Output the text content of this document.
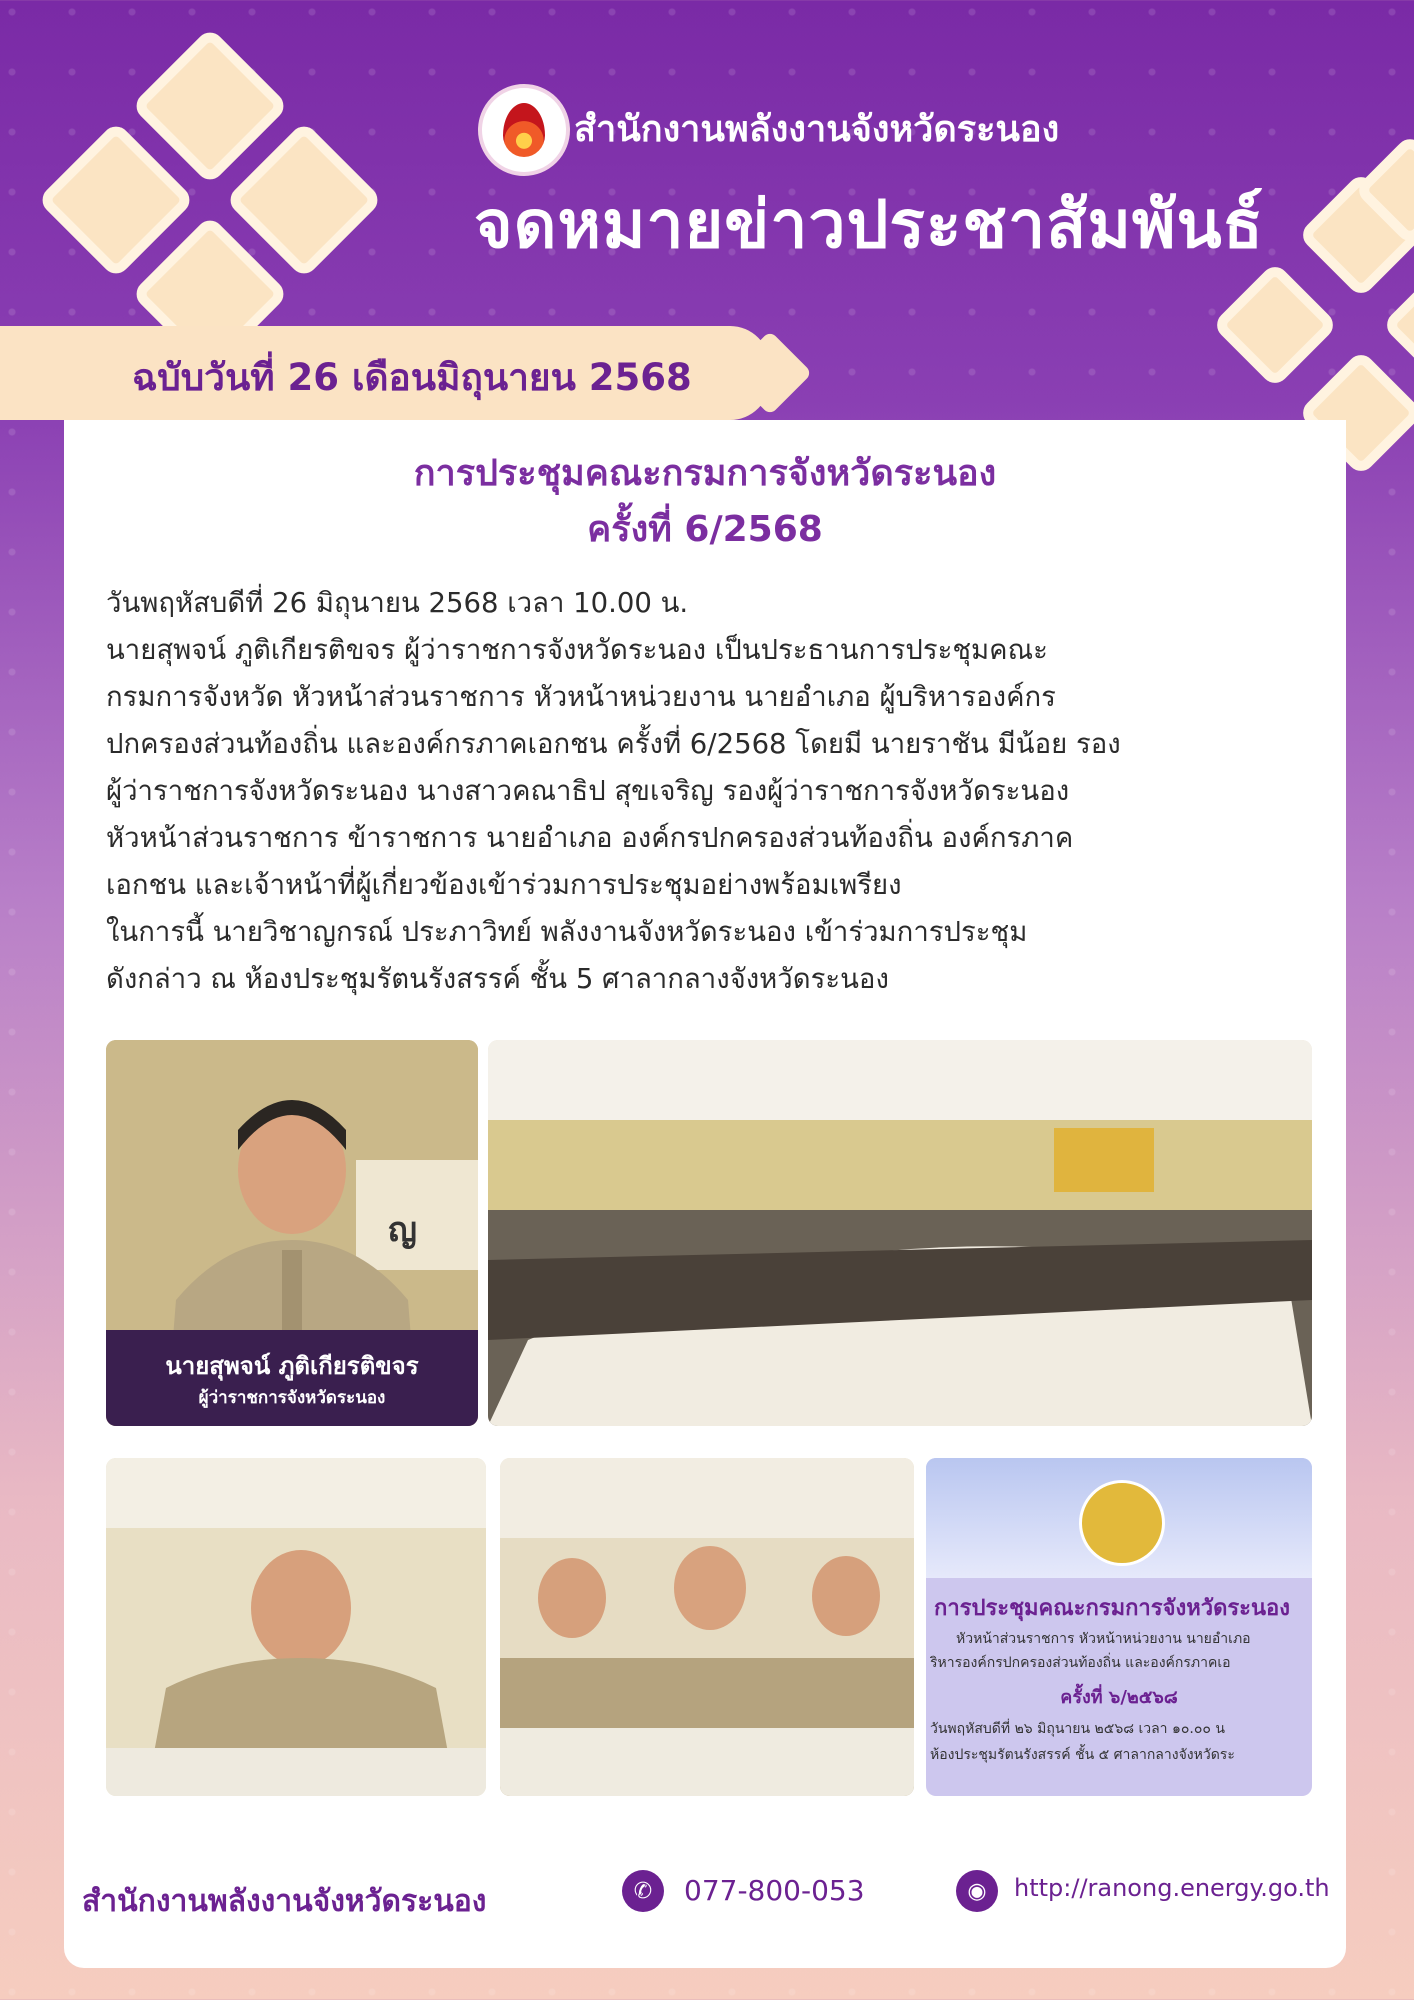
สำนักงานพลังงานจังหวัดระนอง
จดหมายข่าวประชาสัมพันธ์
ฉบับวันที่ 26 เดือนมิถุนายน 2568
การประชุมคณะกรมการจังหวัดระนอง
ครั้งที่ 6/2568
วันพฤหัสบดีที่ 26 มิถุนายน 2568 เวลา 10.00 น.
นายสุพจน์ ภูติเกียรติขจร ผู้ว่าราชการจังหวัดระนอง เป็นประธานการประชุมคณะ
กรมการจังหวัด หัวหน้าส่วนราชการ หัวหน้าหน่วยงาน นายอำเภอ ผู้บริหารองค์กร
ปกครองส่วนท้องถิ่น และองค์กรภาคเอกชน ครั้งที่ 6/2568 โดยมี นายราชัน มีน้อย รอง
ผู้ว่าราชการจังหวัดระนอง นางสาวคณาธิป สุขเจริญ รองผู้ว่าราชการจังหวัดระนอง
หัวหน้าส่วนราชการ ข้าราชการ นายอำเภอ องค์กรปกครองส่วนท้องถิ่น องค์กรภาค
เอกชน และเจ้าหน้าที่ผู้เกี่ยวข้องเข้าร่วมการประชุมอย่างพร้อมเพรียง
ในการนี้ นายวิชาญกรณ์ ประภาวิทย์ พลังงานจังหวัดระนอง เข้าร่วมการประชุม
ดังกล่าว ณ ห้องประชุมรัตนรังสรรค์ ชั้น 5 ศาลากลางจังหวัดระนอง
ญ
นายสุพจน์ ภูติเกียรติขจร
ผู้ว่าราชการจังหวัดระนอง
การประชุมคณะกรมการจังหวัดระนอง
หัวหน้าส่วนราชการ หัวหน้าหน่วยงาน นายอำเภอ
ริหารองค์กรปกครองส่วนท้องถิ่น และองค์กรภาคเอ
ครั้งที่ ๖/๒๕๖๘
วันพฤหัสบดีที่ ๒๖ มิถุนายน ๒๕๖๘ เวลา ๑๐.๐๐ น
ห้องประชุมรัตนรังสรรค์ ชั้น ๕ ศาลากลางจังหวัดระ
สำนักงานพลังงานจังหวัดระนอง	✆	077-800-053	◉	http://ranong.energy.go.th
